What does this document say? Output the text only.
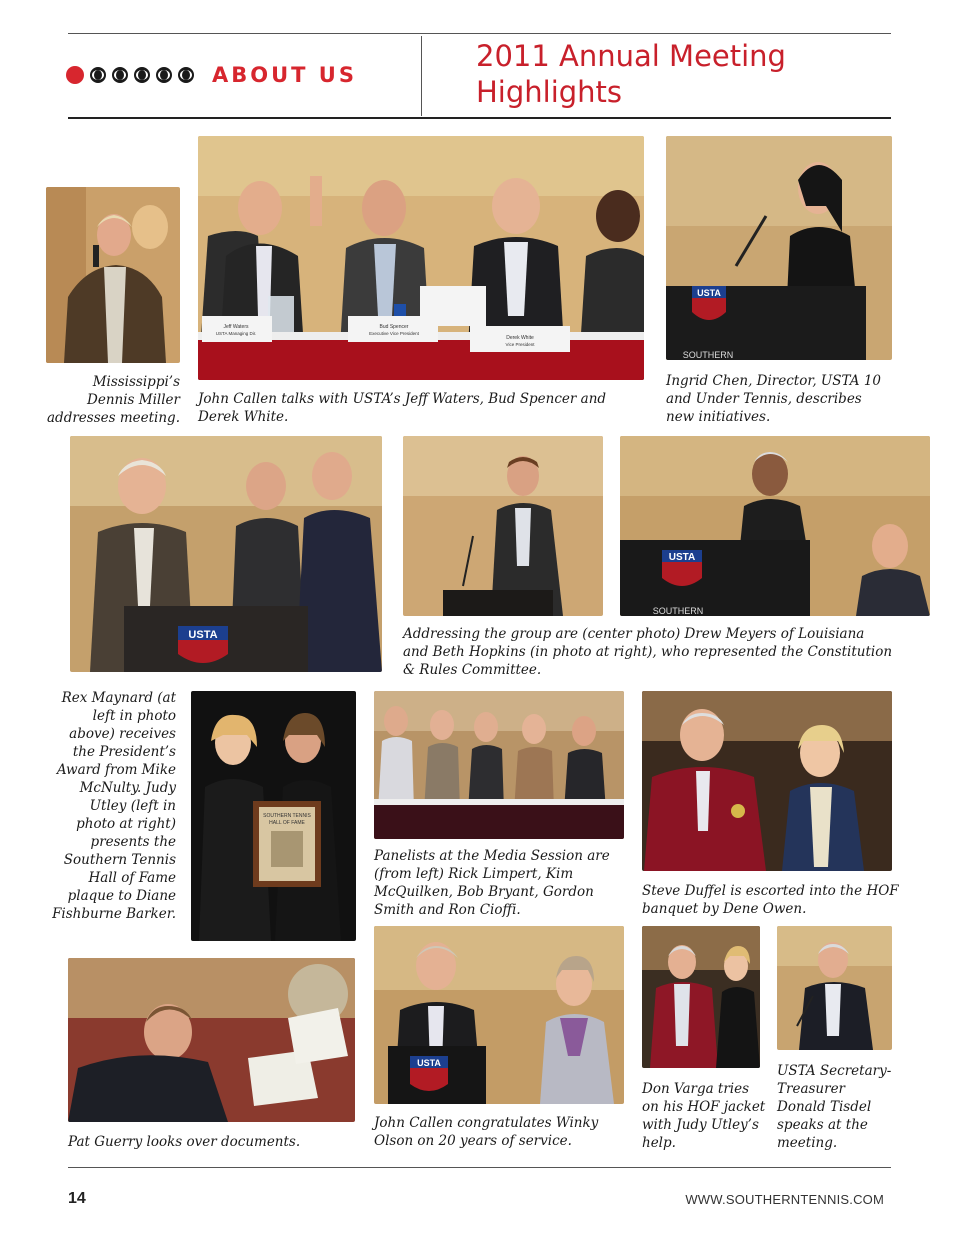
ABOUT US
2011 Annual Meeting
Highlights
Mississippi’s Dennis Miller addresses meeting.
Jeff Waters
USTA Managing Dir.
Bud Spencer
Executive Vice President
Derek White
Vice President
John Callen talks with USTA’s Jeff Waters, Bud Spencer and Derek White.
USTA
SOUTHERN
Ingrid Chen, Director, USTA 10 and Under Tennis, describes new initiatives.
USTA
USTA
SOUTHERN
Addressing the group are (center photo) Drew Meyers of Louisiana and Beth Hopkins (in photo at right), who represented the Constitution & Rules Committee.
Rex Maynard (at left in photo above) receives the President’s Award from Mike McNulty. Judy Utley (left in photo at right) presents the Southern Tennis Hall of Fame plaque to Diane Fishburne Barker.
SOUTHERN TENNIS
HALL OF FAME
Panelists at the Media Session are (from left) Rick Limpert, Kim McQuilken, Bob Bryant, Gordon Smith and Ron Cioffi.
Steve Duffel is escorted into the HOF banquet by Dene Owen.
Pat Guerry looks over documents.
USTA
John Callen congratulates Winky Olson on 20 years of service.
Don Varga tries on his HOF jacket with Judy Utley’s help.
USTA Secretary-Treasurer Donald Tisdel speaks at the meeting.
14	WWW.SOUTHERNTENNIS.COM
